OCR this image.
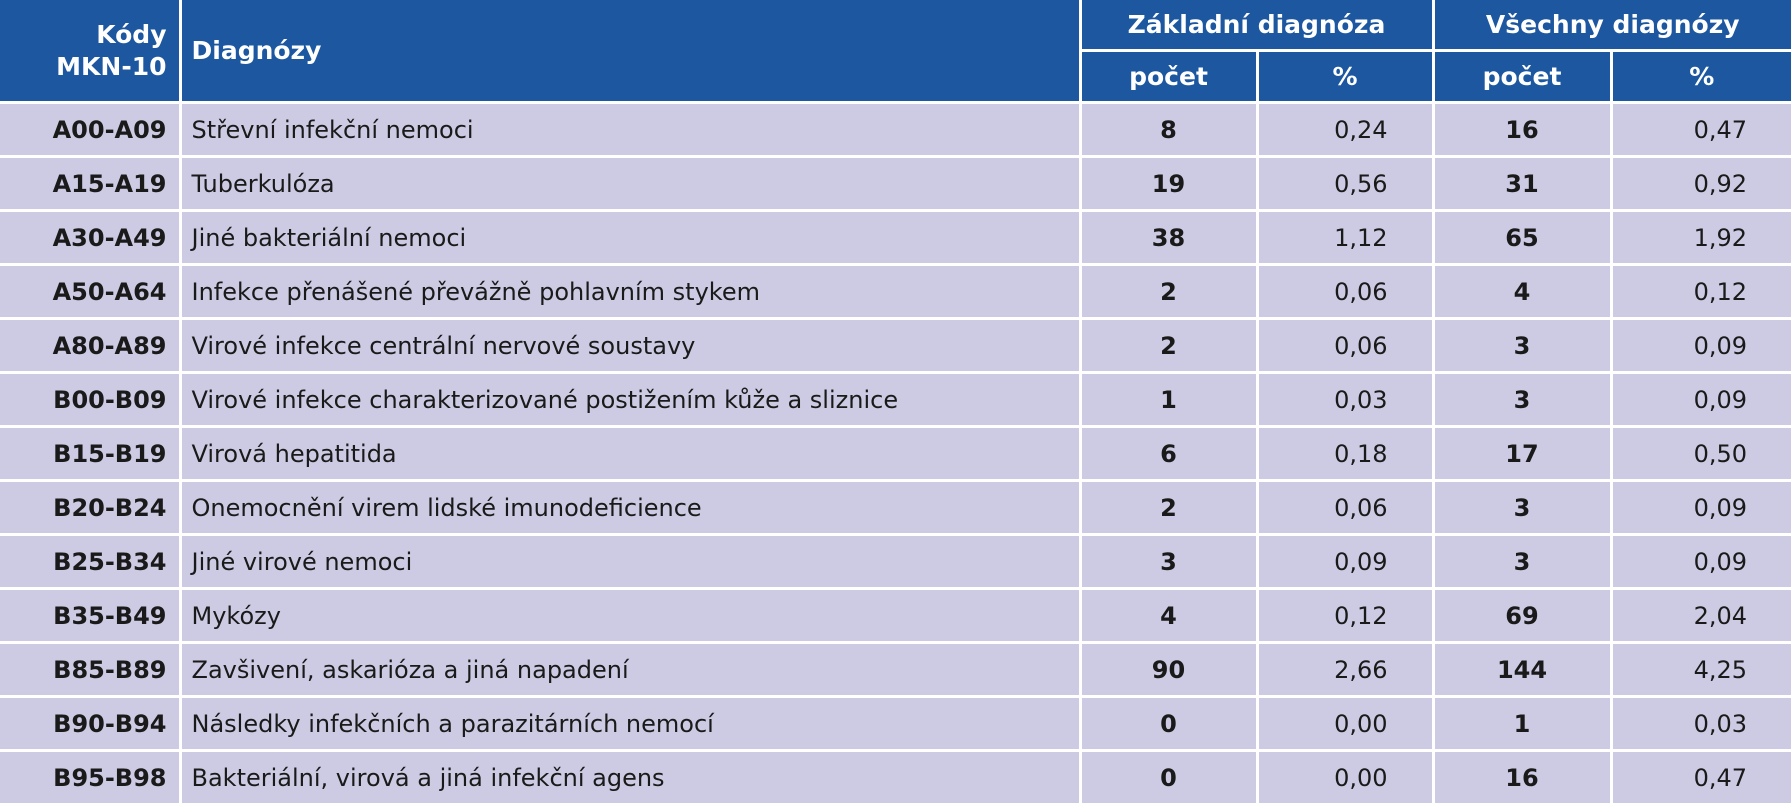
Kódy
MKN-10	Diagnózy	Základní diagnóza		Všechny diagnózy	
		počet	%	počet	%
A00-A09	Střevní infekční nemoci	8	0,24	16	0,47
A15-A19	Tuberkulóza	19	0,56	31	0,92
A30-A49	Jiné bakteriální nemoci	38	1,12	65	1,92
A50-A64	Infekce přenášené převážně pohlavním stykem	2	0,06	4	0,12
A80-A89	Virové infekce centrální nervové soustavy	2	0,06	3	0,09
B00-B09	Virové infekce charakterizované postižením kůže a sliznice	1	0,03	3	0,09
B15-B19	Virová hepatitida	6	0,18	17	0,50
B20-B24	Onemocnění virem lidské imunodeficience	2	0,06	3	0,09
B25-B34	Jiné virové nemoci	3	0,09	3	0,09
B35-B49	Mykózy	4	0,12	69	2,04
B85-B89	Zavšivení, askarióza a jiná napadení	90	2,66	144	4,25
B90-B94	Následky infekčních a parazitárních nemocí	0	0,00	1	0,03
B95-B98	Bakteriální, virová a jiná infekční agens	0	0,00	16	0,47
